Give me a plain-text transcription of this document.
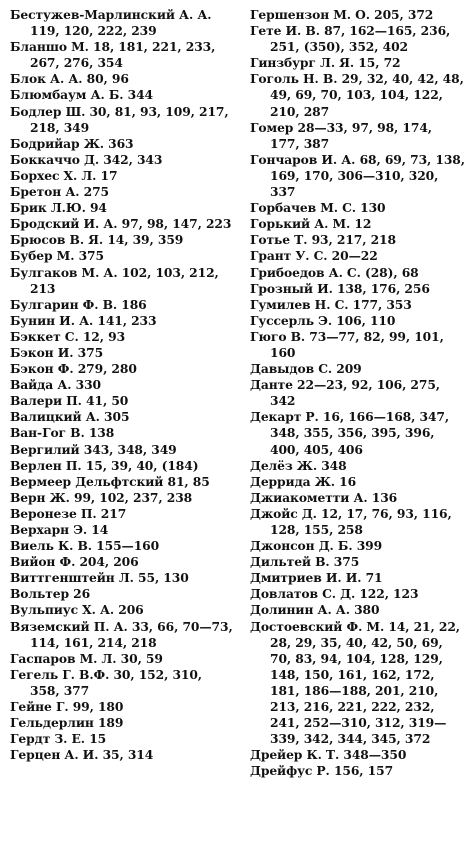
Бестужев-Марлинский А. А. 119, 120, 222, 239
Бланшо М. 18, 181, 221, 233, 267, 276, 354
Блок А. А. 80, 96
Блюмбаум А. Б. 344
Бодлер Ш. 30, 81, 93, 109, 217, 218, 349
Бодрийар Ж. 363
Боккаччо Д. 342, 343
Борхес Х. Л. 17
Бретон А. 275
Брик Л.Ю. 94
Бродский И. А. 97, 98, 147, 223
Брюсов В. Я. 14, 39, 359
Бубер М. 375
Булгаков М. А. 102, 103, 212, 213
Булгарин Ф. В. 186
Бунин И. А. 141, 233
Бэккет С. 12, 93
Бэкон И. 375
Бэкон Ф. 279, 280
Вайда А. 330
Валери П. 41, 50
Валицкий А. 305
Ван-Гог В. 138
Вергилий 343, 348, 349
Верлен П. 15, 39, 40, (184)
Вермеер Дельфтский 81, 85
Верн Ж. 99, 102, 237, 238
Веронезе П. 217
Верхарн Э. 14
Виель К. В. 155—160
Вийон Ф. 204, 206
Виттгенштейн Л. 55, 130
Вольтер 26
Вульпиус Х. А. 206
Вяземский П. А. 33, 66, 70—73, 114, 161, 214, 218
Гаспаров М. Л. 30, 59
Гегель Г. В.Ф. 30, 152, 310, 358, 377
Гейне Г. 99, 180
Гельдерлин 189
Гердт З. Е. 15
Герцен А. И. 35, 314
Гершензон М. О. 205, 372
Гете И. В. 87, 162—165, 236, 251, (350), 352, 402
Гинзбург Л. Я. 15, 72
Гоголь Н. В. 29, 32, 40, 42, 48, 49, 69, 70, 103, 104, 122, 210, 287
Гомер 28—33, 97, 98, 174, 177, 387
Гончаров И. А. 68, 69, 73, 138, 169, 170, 306—310, 320, 337
Горбачев М. С. 130
Горький А. М. 12
Готье Т. 93, 217, 218
Грант У. С. 20—22
Грибоедов А. С. (28), 68
Грозный И. 138, 176, 256
Гумилев Н. С. 177, 353
Гуссерль Э. 106, 110
Гюго В. 73—77, 82, 99, 101, 160
Давыдов С. 209
Данте 22—23, 92, 106, 275, 342
Декарт Р. 16, 166—168, 347, 348, 355, 356, 395, 396, 400, 405, 406
Делёз Ж. 348
Деррида Ж. 16
Джиакометти А. 136
Джойс Д. 12, 17, 76, 93, 116, 128, 155, 258
Джонсон Д. Б. 399
Дильтей В. 375
Дмитриев И. И. 71
Довлатов С. Д. 122, 123
Долинин А. А. 380
Достоевский Ф. М. 14, 21, 22, 28, 29, 35, 40, 42, 50, 69, 70, 83, 94, 104, 128, 129, 148, 150, 161, 162, 172, 181, 186—188, 201, 210, 213, 216, 221, 222, 232, 241, 252—310, 312, 319—339, 342, 344, 345, 372
Дрейер К. Т. 348—350
Дрейфус Р. 156, 157
